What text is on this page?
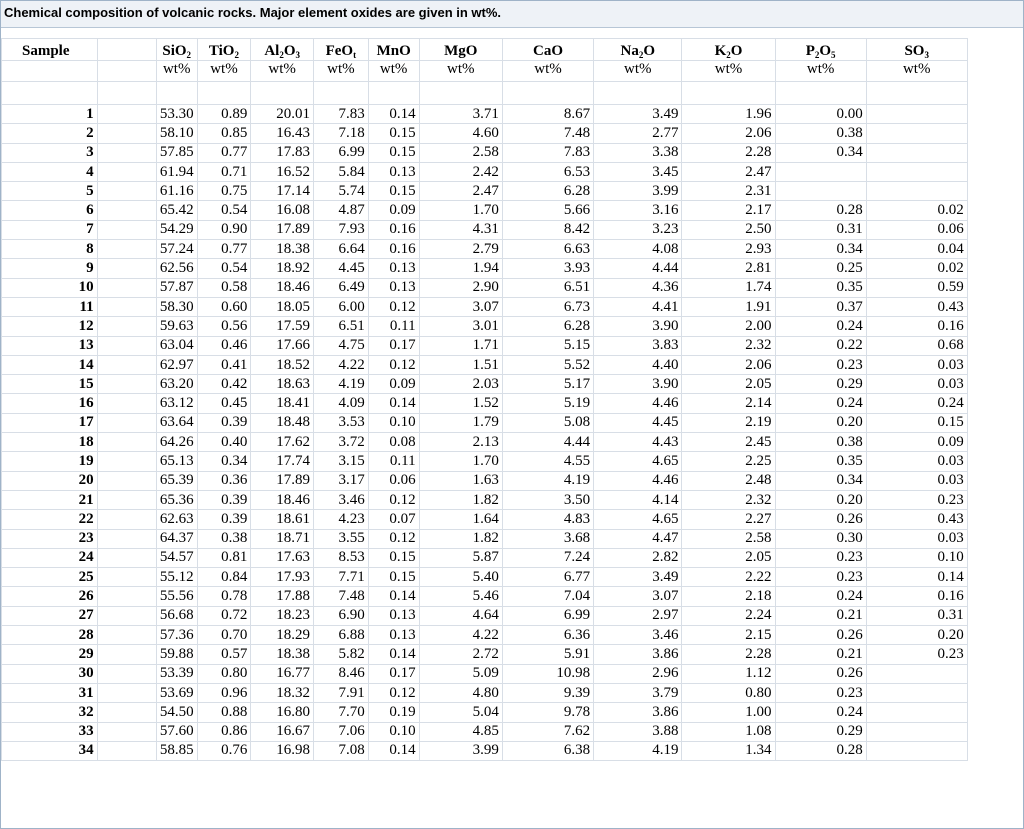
Chemical composition of volcanic rocks. Major element oxides are given in wt%.
Sample		SiO$_2$	TiO$_2$	$Al_2O_3$	FeO$_t$	MnO	MgO	CaO	$Na_2O$	$K_2O$	$P_2O_5$	$SO_3$
		wt%	wt%	wt%	wt%	wt%	wt%	wt%	wt%	wt%	wt%	wt%

1		53.30	0.89	20.01	7.83	0.14	3.71	8.67	3.49	1.96	0.00	
2		58.10	0.85	16.43	7.18	0.15	4.60	7.48	2.77	2.06	0.38	
3		57.85	0.77	17.83	6.99	0.15	2.58	7.83	3.38	2.28	0.34	
4		61.94	0.71	16.52	5.84	0.13	2.42	6.53	3.45	2.47		
5		61.16	0.75	17.14	5.74	0.15	2.47	6.28	3.99	2.31		
6		65.42	0.54	16.08	4.87	0.09	1.70	5.66	3.16	2.17	0.28	0.02
7		54.29	0.90	17.89	7.93	0.16	4.31	8.42	3.23	2.50	0.31	0.06
8		57.24	0.77	18.38	6.64	0.16	2.79	6.63	4.08	2.93	0.34	0.04
9		62.56	0.54	18.92	4.45	0.13	1.94	3.93	4.44	2.81	0.25	0.02
10		57.87	0.58	18.46	6.49	0.13	2.90	6.51	4.36	1.74	0.35	0.59
11		58.30	0.60	18.05	6.00	0.12	3.07	6.73	4.41	1.91	0.37	0.43
12		59.63	0.56	17.59	6.51	0.11	3.01	6.28	3.90	2.00	0.24	0.16
13		63.04	0.46	17.66	4.75	0.17	1.71	5.15	3.83	2.32	0.22	0.68
14		62.97	0.41	18.52	4.22	0.12	1.51	5.52	4.40	2.06	0.23	0.03
15		63.20	0.42	18.63	4.19	0.09	2.03	5.17	3.90	2.05	0.29	0.03
16		63.12	0.45	18.41	4.09	0.14	1.52	5.19	4.46	2.14	0.24	0.24
17		63.64	0.39	18.48	3.53	0.10	1.79	5.08	4.45	2.19	0.20	0.15
18		64.26	0.40	17.62	3.72	0.08	2.13	4.44	4.43	2.45	0.38	0.09
19		65.13	0.34	17.74	3.15	0.11	1.70	4.55	4.65	2.25	0.35	0.03
20		65.39	0.36	17.89	3.17	0.06	1.63	4.19	4.46	2.48	0.34	0.03
21		65.36	0.39	18.46	3.46	0.12	1.82	3.50	4.14	2.32	0.20	0.23
22		62.63	0.39	18.61	4.23	0.07	1.64	4.83	4.65	2.27	0.26	0.43
23		64.37	0.38	18.71	3.55	0.12	1.82	3.68	4.47	2.58	0.30	0.03
24		54.57	0.81	17.63	8.53	0.15	5.87	7.24	2.82	2.05	0.23	0.10
25		55.12	0.84	17.93	7.71	0.15	5.40	6.77	3.49	2.22	0.23	0.14
26		55.56	0.78	17.88	7.48	0.14	5.46	7.04	3.07	2.18	0.24	0.16
27		56.68	0.72	18.23	6.90	0.13	4.64	6.99	2.97	2.24	0.21	0.31
28		57.36	0.70	18.29	6.88	0.13	4.22	6.36	3.46	2.15	0.26	0.20
29		59.88	0.57	18.38	5.82	0.14	2.72	5.91	3.86	2.28	0.21	0.23
30		53.39	0.80	16.77	8.46	0.17	5.09	10.98	2.96	1.12	0.26	
31		53.69	0.96	18.32	7.91	0.12	4.80	9.39	3.79	0.80	0.23	
32		54.50	0.88	16.80	7.70	0.19	5.04	9.78	3.86	1.00	0.24	
33		57.60	0.86	16.67	7.06	0.10	4.85	7.62	3.88	1.08	0.29	
34		58.85	0.76	16.98	7.08	0.14	3.99	6.38	4.19	1.34	0.28	
